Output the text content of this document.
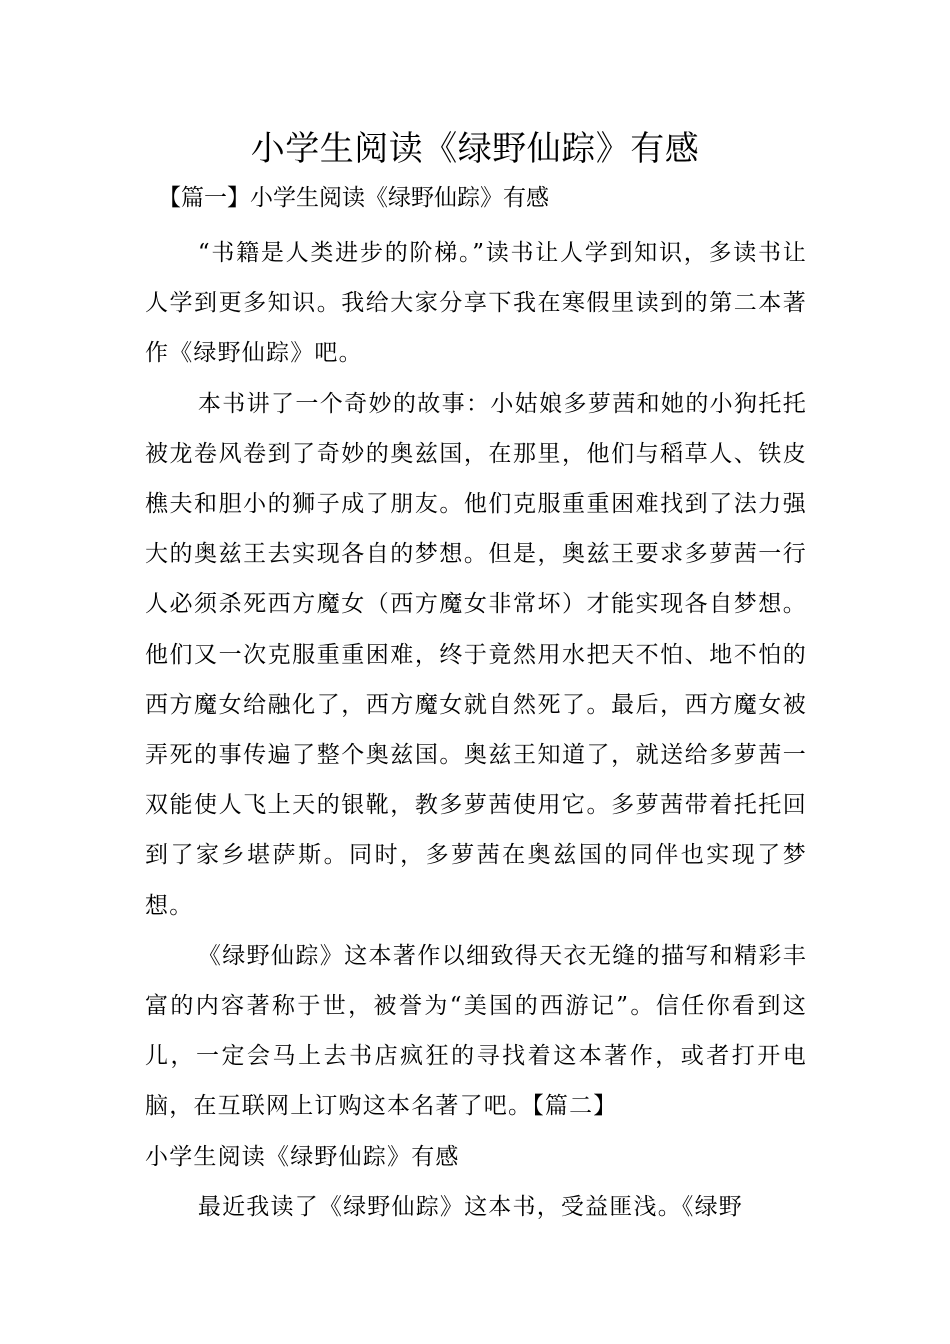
小学生阅读《绿野仙踪》有感
【篇一】小学生阅读《绿野仙踪》有感

“书籍是人类进步的阶梯。”读书让人学到知识，多读书让人学到更多知识。我给大家分享下我在寒假里读到的第二本著作《绿野仙踪》吧。

本书讲了一个奇妙的故事：小姑娘多萝茜和她的小狗托托被龙卷风卷到了奇妙的奥兹国，在那里，他们与稻草人、铁皮樵夫和胆小的狮子成了朋友。他们克服重重困难找到了法力强大的奥兹王去实现各自的梦想。但是，奥兹王要求多萝茜一行人必须杀死西方魔女（西方魔女非常坏）才能实现各自梦想。他们又一次克服重重困难，终于竟然用水把天不怕、地不怕的西方魔女给融化了，西方魔女就自然死了。最后，西方魔女被弄死的事传遍了整个奥兹国。奥兹王知道了，就送给多萝茜一双能使人飞上天的银靴，教多萝茜使用它。多萝茜带着托托回到了家乡堪萨斯。同时，多萝茜在奥兹国的同伴也实现了梦想。

《绿野仙踪》这本著作以细致得天衣无缝的描写和精彩丰富的内容著称于世，被誉为“美国的西游记”。信任你看到这儿，一定会马上去书店疯狂的寻找着这本著作，或者打开电脑，在互联网上订购这本名著了吧。【篇二】

小学生阅读《绿野仙踪》有感

最近我读了《绿野仙踪》这本书，受益匪浅。《绿野
